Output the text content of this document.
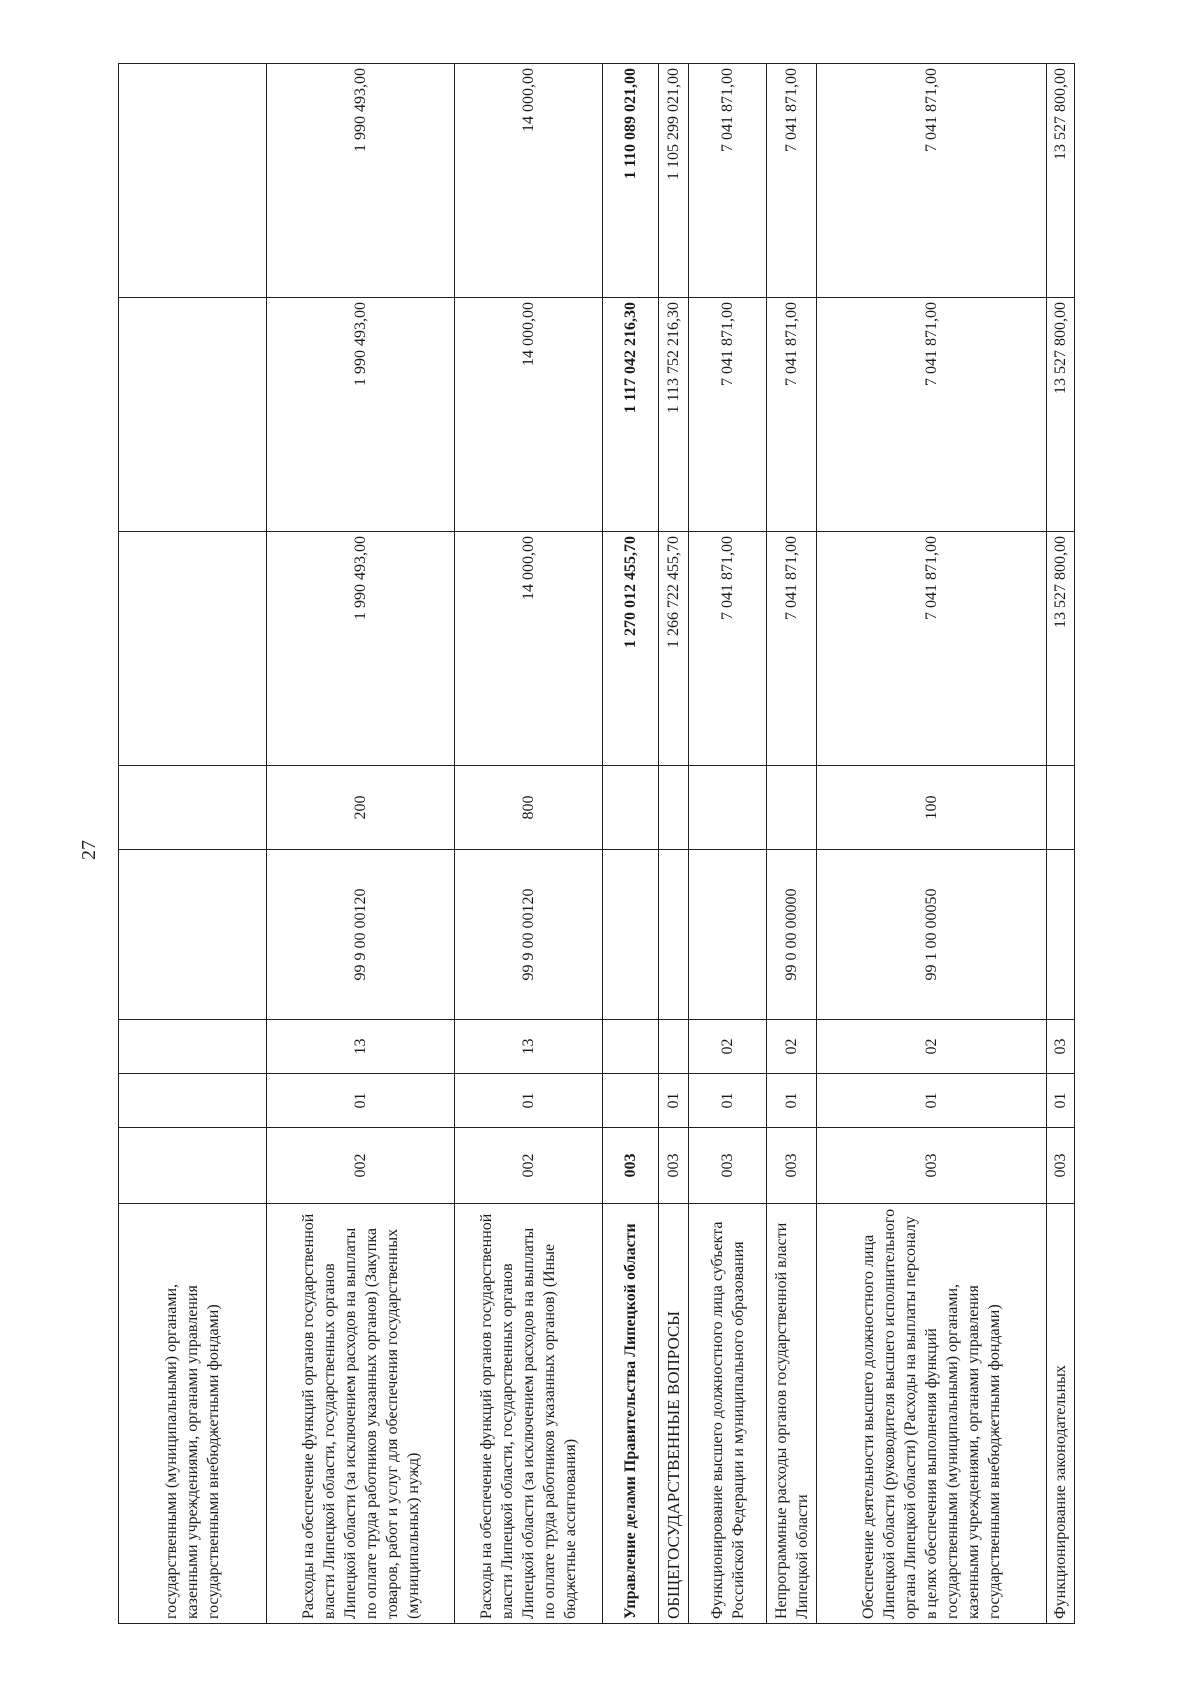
27
государственными (муниципальными) органами, казенными учреждениями, органами управления государственными внебюджетными фондами)								
Расходы на обеспечение функций органов государственной власти Липецкой области, государственных органов Липецкой области (за исключением расходов на выплаты по оплате труда работников указанных органов) (Закупка товаров, работ и услуг для обеспечения государственных (муниципальных) нужд)	002	01	13	99 9 00 00120	200	1 990 493,00	1 990 493,00	1 990 493,00
Расходы на обеспечение функций органов государственной власти Липецкой области, государственных органов Липецкой области (за исключением расходов на выплаты по оплате труда работников указанных органов) (Иные бюджетные ассигнования)	002	01	13	99 9 00 00120	800	14 000,00	14 000,00	14 000,00
Управление делами Правительства Липецкой области	003					1 270 012 455,70	1 117 042 216,30	1 110 089 021,00
ОБЩЕГОСУДАРСТВЕННЫЕ ВОПРОСЫ	003	01				1 266 722 455,70	1 113 752 216,30	1 105 299 021,00
Функционирование высшего должностного лица субъекта Российской Федерации и муниципального образования	003	01	02			7 041 871,00	7 041 871,00	7 041 871,00
Непрограммные расходы органов государственной власти Липецкой области	003	01	02	99 0 00 00000		7 041 871,00	7 041 871,00	7 041 871,00
Обеспечение деятельности высшего должностного лица Липецкой области (руководителя высшего исполнительного органа Липецкой области) (Расходы на выплаты персоналу в целях обеспечения выполнения функций государственными (муниципальными) органами, казенными учреждениями, органами управления государственными внебюджетными фондами)	003	01	02	99 1 00 00050	100	7 041 871,00	7 041 871,00	7 041 871,00
Функционирование законодательных	003	01	03			13 527 800,00	13 527 800,00	13 527 800,00
